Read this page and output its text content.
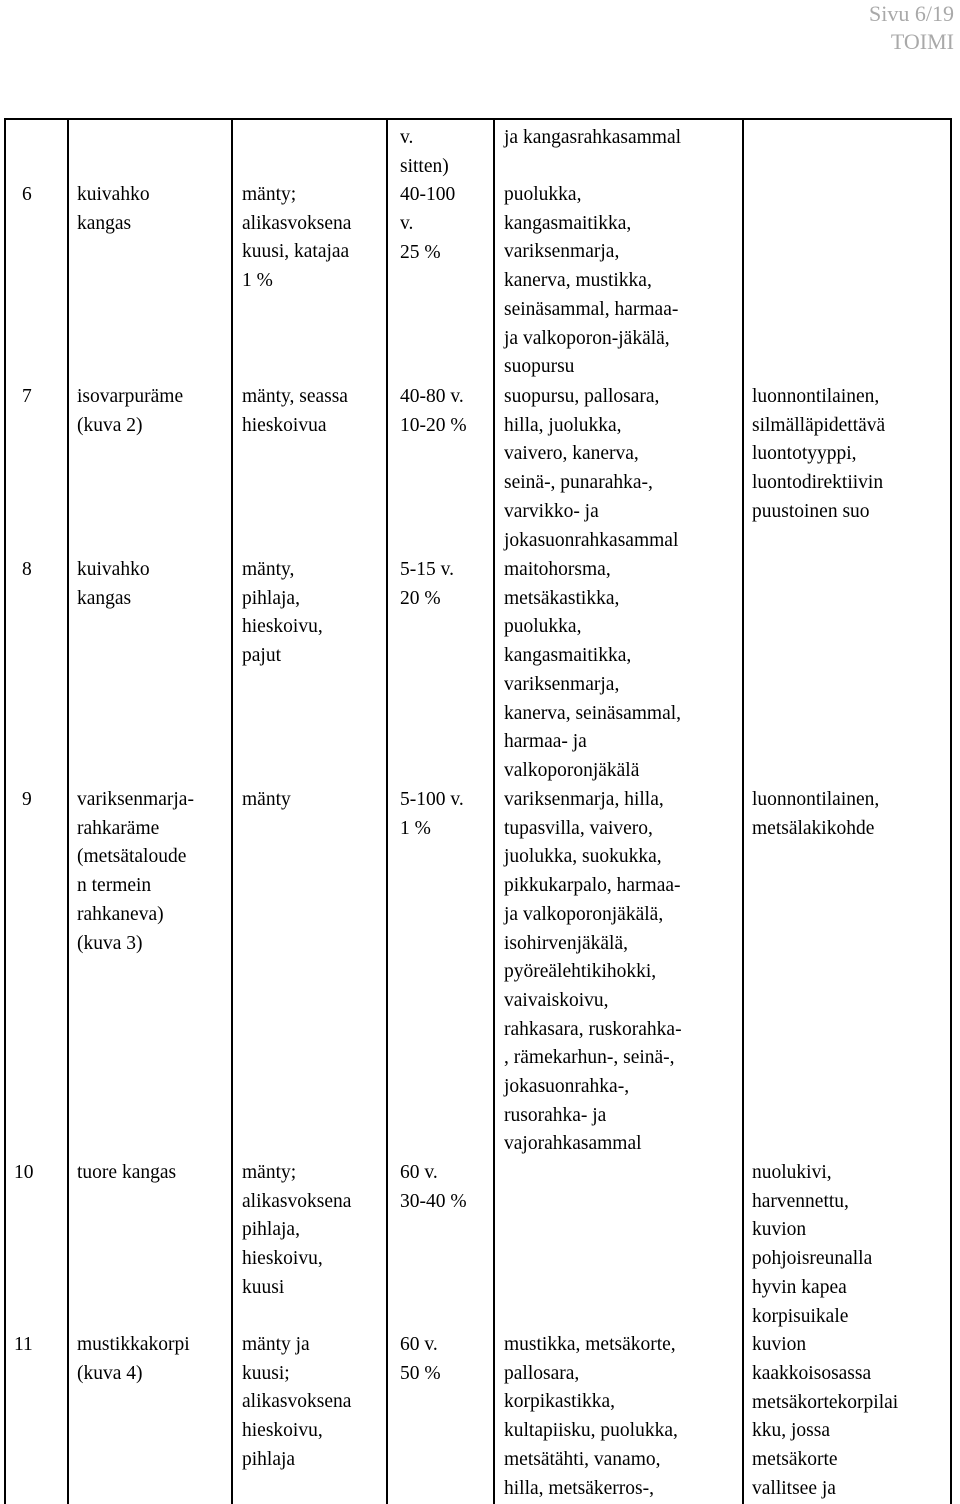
Sivu 6/19
TOIMI
v.
sitten)
40-100
v.
25 %
ja kangasrahkasammal
6 kuivahko
kangas
mänty;
alikasvoksena
kuusi, katajaa
1 %
puolukka,
kangasmaitikka,
variksenmarja,
kanerva, mustikka,
seinäsammal, harmaa-
ja valkoporon-jäkälä,
suopursu
7 isovarpuräme
(kuva 2)
mänty, seassa
hieskoivua
40-80 v.
10-20 %
suopursu, pallosara,
hilla, juolukka,
vaivero, kanerva,
seinä-, punarahka-,
varvikko- ja
jokasuonrahkasammal
luonnontilainen,
silmälläpidettävä
luontotyyppi,
luontodirektiivin
puustoinen suo
8 kuivahko
kangas
mänty,
pihlaja,
hieskoivu,
pajut
5-15 v.
20 %
maitohorsma,
metsäkastikka,
puolukka,
kangasmaitikka,
variksenmarja,
kanerva, seinäsammal,
harmaa- ja
valkoporonjäkälä
9 variksenmarja-
rahkaräme
(metsätaloude
n termein
rahkaneva)
(kuva 3)
mänty	5-100 v.
1 %
variksenmarja, hilla,
tupasvilla, vaivero,
juolukka, suokukka,
pikkukarpalo, harmaa-
ja valkoporonjäkälä,
isohirvenjäkälä,
pyöreälehtikihokki,
vaivaiskoivu,
rahkasara, ruskorahka-
, rämekarhun-, seinä-,
jokasuonrahka-,
rusorahka- ja
vajorahkasammal
luonnontilainen,
metsälakikohde
10 tuore kangas	mänty;
alikasvoksena
pihlaja,
hieskoivu,
kuusi
60 v.
30-40 %
nuolukivi,
harvennettu,
kuvion
pohjoisreunalla
hyvin kapea
korpisuikale
kuvion
kaakkoisosassa
metsäkortekorpilai
kku, jossa
metsäkorte
vallitsee ja
11 mustikkakorpi
(kuva 4)
mänty ja
kuusi;
alikasvoksena
hieskoivu,
pihlaja
60 v.
50 %
mustikka, metsäkorte,
pallosara,
korpikastikka,
kultapiisku, puolukka,
metsätähti, vanamo,
hilla, metsäkerros-,
